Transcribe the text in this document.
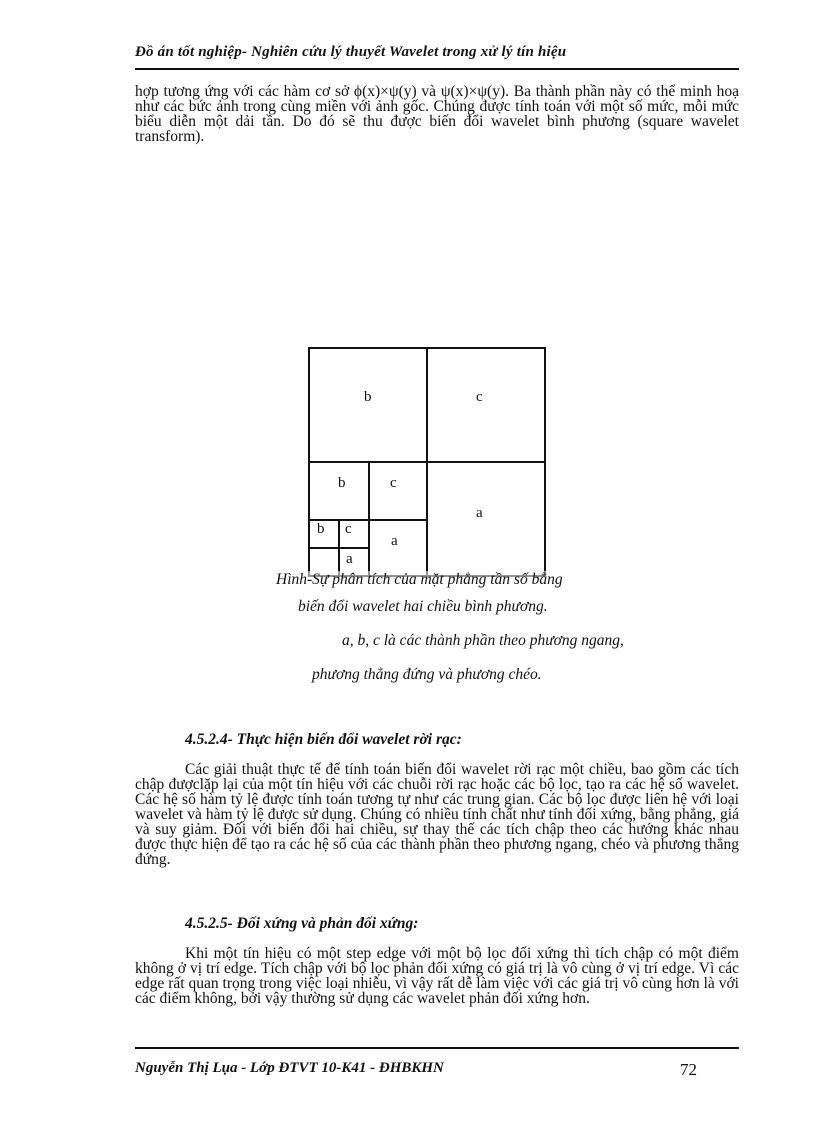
Đồ án tốt nghiệp- Nghiên cứu lý thuyết Wavelet trong xử lý tín hiệu

hợp tương ứng với các hàm cơ sở ϕ(x)×ψ(y) và ψ(x)×ψ(y). Ba thành phần này có thể minh hoạ như các bức ảnh trong cùng miền với ảnh gốc. Chúng được tính toán với một số mức, mỗi mức biểu diễn một dải tần. Do đó sẽ thu được biến đổi wavelet bình phương (square wavelet transform).

b	c
b	c
a
b c
a
a
Hình-Sự phân tích của mặt phẳng tần số bằng
biến đổi wavelet hai chiều bình phương.
a, b, c là các thành phần theo phương ngang,
phương thẳng đứng và phương chéo.
4.5.2.4- Thực hiện biến đổi wavelet rời rạc:

Các giải thuật thực tế để tính toán biến đổi wavelet rời rạc một chiều, bao gồm các tích chập đượclặp lại của một tín hiệu với các chuỗi rời rạc hoặc các bộ lọc, tạo ra các hệ số wavelet. Các hệ số hàm tỷ lệ được tính toán tương tự như các trung gian. Các bộ lọc được liên hệ với loại wavelet và hàm tỷ lệ được sử dụng. Chúng có nhiều tính chất như tính đối xứng, bằng phẳng, giá và suy giảm. Đối với biến đổi hai chiều, sự thay thế các tích chập theo các hướng khác nhau được thực hiện để tạo ra các hệ số của các thành phần theo phương ngang, chéo và phương thẳng đứng.

4.5.2.5- Đối xứng và phản đối xứng:

Khi một tín hiệu có một step edge với một bộ lọc đối xứng thì tích chập có một điểm không ở vị trí edge. Tích chập với bộ lọc phản đối xứng có giá trị là vô cùng ở vị trí edge. Vì các edge rất quan trọng trong việc loại nhiễu, vì vậy rất dễ làm việc với các giá trị vô cùng hơn là với các điểm không, bởi vậy thường sử dụng các wavelet phản đối xứng hơn.

Nguyễn Thị Lụa - Lớp ĐTVT 10-K41 - ĐHBKHN	72
